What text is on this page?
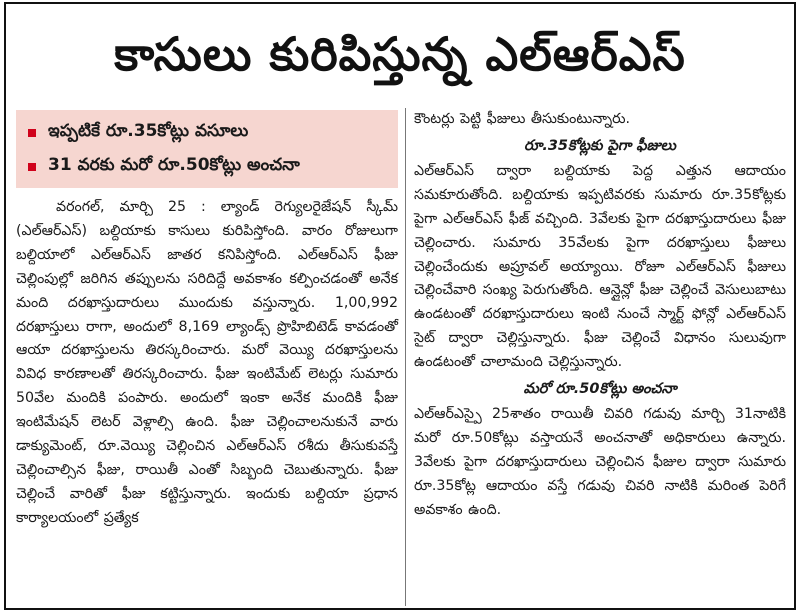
కాసులు కురిపిస్తున్న ఎల్ఆర్ఎస్
ఇప్పటికే రూ.35కోట్లు వసూలు
31 వరకు మరో రూ.50కోట్లు అంచనా

వరంగల్, మార్చి 25 : ల్యాండ్ రెగ్యులరైజేషన్ స్కీమ్ (ఎల్ఆర్ఎస్) బల్దియాకు కాసులు కురిపిస్తోంది. వారం రోజులుగా బల్దియాలో ఎల్ఆర్ఎస్ జాతర కనిపిస్తోంది. ఎల్ఆర్ఎస్ ఫీజు చెల్లింపుల్లో జరిగిన తప్పులను సరిదిద్దే అవకాశం కల్పించడంతో అనేక మంది దరఖాస్తుదారులు ముందుకు వస్తున్నారు. 1,00,992 దరఖాస్తులు రాగా, అందులో 8,169 ల్యాండ్స్ ప్రొహిబిటెడ్ కావడంతో ఆయా దరఖాస్తులను తిరస్కరించారు. మరో వెయ్యి దరఖాస్తులను వివిధ కారణాలతో తిరస్కరించారు. ఫీజు ఇంటిమేట్ లెటర్లు సుమారు 50వేల మందికి పంపారు. అందులో ఇంకా అనేక మందికి ఫీజు ఇంటిమేషన్ లెటర్ వెళ్లాల్సి ఉంది. ఫీజు చెల్లించాలనుకునే వారు డాక్యుమెంట్, రూ.వెయ్యి చెల్లించిన ఎల్ఆర్ఎస్ రశీదు తీసుకువస్తే చెల్లించాల్సిన ఫీజు, రాయితీ ఎంతో సిబ్బంది చెబుతున్నారు. ఫీజు చెల్లించే వారితో ఫీజు కట్టిస్తున్నారు. ఇందుకు బల్దియా ప్రధాన కార్యాలయంలో ప్రత్యేక

కౌంటర్లు పెట్టి ఫీజులు తీసుకుంటున్నారు.

రూ.35కోట్లకు పైగా ఫీజులు

ఎల్ఆర్ఎస్ ద్వారా బల్దియాకు పెద్ద ఎత్తున ఆదాయం సమకూరుతోంది. బల్దియాకు ఇప్పటివరకు సుమారు రూ.35కోట్లకు పైగా ఎల్ఆర్ఎస్ ఫీజ్ వచ్చింది. 3వేలకు పైగా దరఖాస్తుదారులు ఫీజు చెల్లించారు. సుమారు 35వేలకు పైగా దరఖాస్తులు ఫీజులు చెల్లించేందుకు అప్రూవల్ అయ్యాయి. రోజూ ఎల్ఆర్ఎస్ ఫీజులు చెల్లించేవారి సంఖ్య పెరుగుతోంది. ఆన్లైన్లో ఫీజు చెల్లించే వెసులుబాటు ఉండటంతో దరఖాస్తుదారులు ఇంటి నుంచే స్మార్ట్ ఫోన్లో ఎల్ఆర్ఎస్ సైట్ ద్వారా చెల్లిస్తున్నారు. ఫీజు చెల్లించే విధానం సులువుగా ఉండటంతో చాలామంది చెల్లిస్తున్నారు.

మరో రూ.50కోట్లు అంచనా

ఎల్ఆర్ఎస్పై 25శాతం రాయితీ చివరి గడువు మార్చి 31నాటికి మరో రూ.50కోట్లు వస్తాయనే అంచనాతో అధికారులు ఉన్నారు. 3వేలకు పైగా దరఖాస్తుదారులు చెల్లించిన ఫీజుల ద్వారా సుమారు రూ.35కోట్ల ఆదాయం వస్తే గడువు చివరి నాటికి మరింత పెరిగే అవకాశం ఉంది.
